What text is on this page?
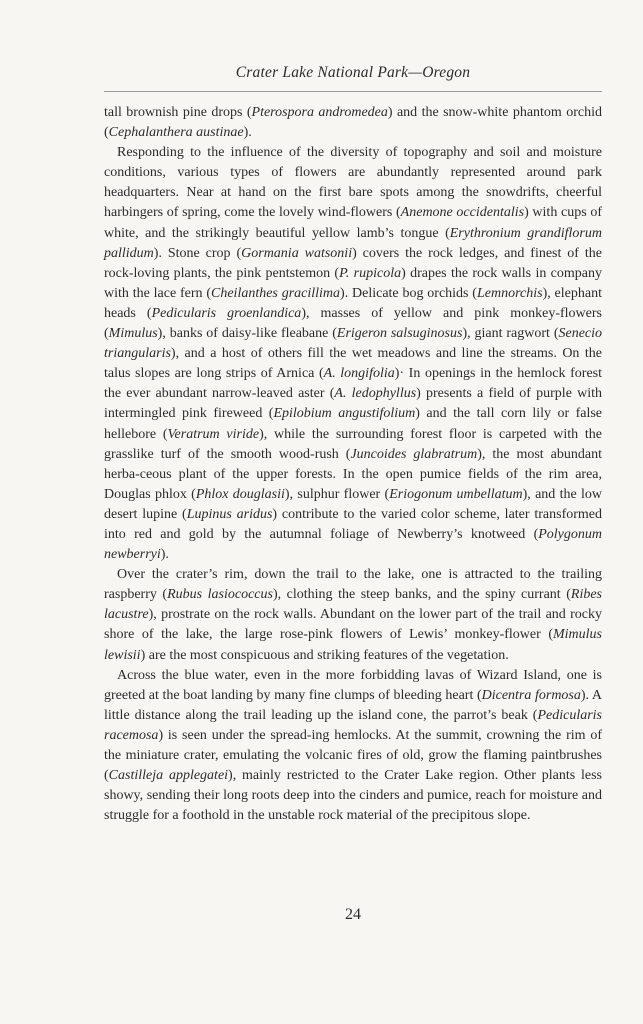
Crater Lake National Park—Oregon

tall brownish pine drops (Pterospora andromedea) and the snow-white phantom orchid (Cephalanthera austinae).

Responding to the influence of the diversity of topography and soil and moisture conditions, various types of flowers are abundantly represented around park headquarters. Near at hand on the first bare spots among the snowdrifts, cheerful harbingers of spring, come the lovely wind-flowers (Anemone occidentalis) with cups of white, and the strikingly beautiful yellow lamb’s tongue (Erythronium grandiflorum pallidum). Stone crop (Gormania watsonii) covers the rock ledges, and finest of the rock-loving plants, the pink pentstemon (P. rupicola) drapes the rock walls in company with the lace fern (Cheilanthes gracillima). Delicate bog orchids (Lemnorchis), elephant heads (Pedicularis groenlandica), masses of yellow and pink monkey-flowers (Mimulus), banks of daisy-like fleabane (Erigeron salsuginosus), giant ragwort (Senecio triangularis), and a host of others fill the wet meadows and line the streams. On the talus slopes are long strips of Arnica (A. longifolia)· In openings in the hemlock forest the ever abundant narrow-leaved aster (A. ledophyllus) presents a field of purple with intermingled pink fireweed (Epilobium angustifolium) and the tall corn lily or false hellebore (Veratrum viride), while the surrounding forest floor is carpeted with the grasslike turf of the smooth wood-rush (Juncoides glabratrum), the most abundant herba-ceous plant of the upper forests. In the open pumice fields of the rim area, Douglas phlox (Phlox douglasii), sulphur flower (Eriogonum umbellatum), and the low desert lupine (Lupinus aridus) contribute to the varied color scheme, later transformed into red and gold by the autumnal foliage of Newberry’s knotweed (Polygonum newberryi).

Over the crater’s rim, down the trail to the lake, one is attracted to the trailing raspberry (Rubus lasiococcus), clothing the steep banks, and the spiny currant (Ribes lacustre), prostrate on the rock walls. Abundant on the lower part of the trail and rocky shore of the lake, the large rose-pink flowers of Lewis’ monkey-flower (Mimulus lewisii) are the most conspicuous and striking features of the vegetation.

Across the blue water, even in the more forbidding lavas of Wizard Island, one is greeted at the boat landing by many fine clumps of bleeding heart (Dicentra formosa). A little distance along the trail leading up the island cone, the parrot’s beak (Pedicularis racemosa) is seen under the spread-ing hemlocks. At the summit, crowning the rim of the miniature crater, emulating the volcanic fires of old, grow the flaming paintbrushes (Castilleja applegatei), mainly restricted to the Crater Lake region. Other plants less showy, sending their long roots deep into the cinders and pumice, reach for moisture and struggle for a foothold in the unstable rock material of the precipitous slope.

24
